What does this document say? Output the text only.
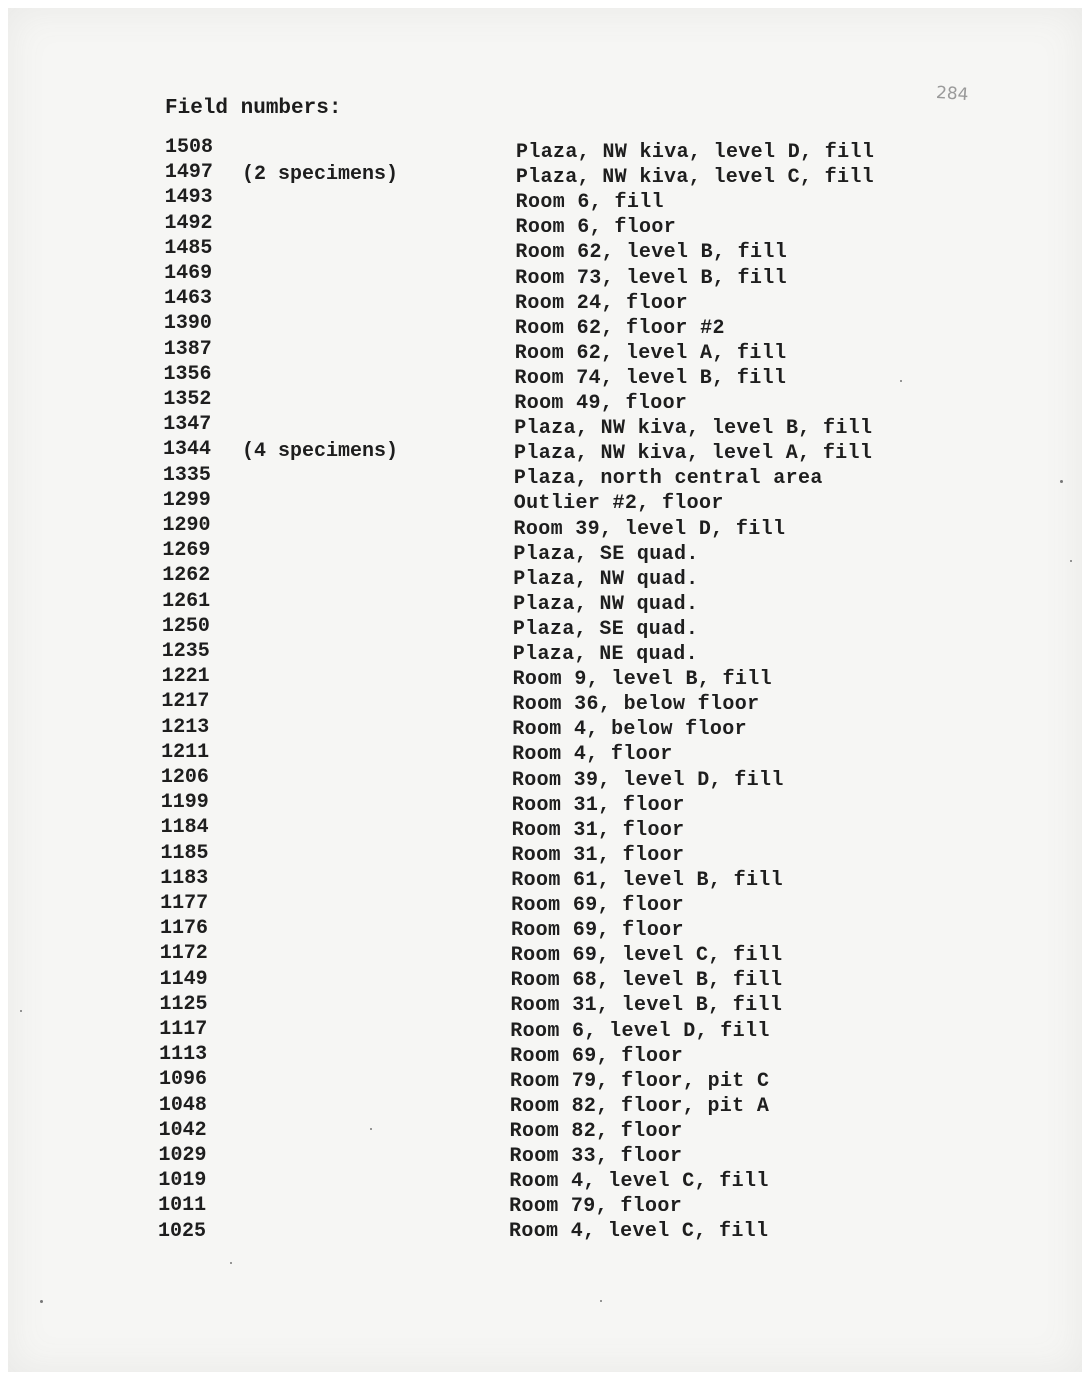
284
Field numbers:
1508	Plaza, NW kiva, level D, fill
1497 (2 specimens)	Plaza, NW kiva, level C, fill
1493	Room 6, fill
1492	Room 6, floor
1485	Room 62, level B, fill
1469	Room 73, level B, fill
1463	Room 24, floor
1390	Room 62, floor #2
1387	Room 62, level A, fill
1356	Room 74, level B, fill
1352	Room 49, floor
1347	Plaza, NW kiva, level B, fill
1344 (4 specimens)	Plaza, NW kiva, level A, fill
1335	Plaza, north central area
1299	Outlier #2, floor
1290	Room 39, level D, fill
1269	Plaza, SE quad.
1262	Plaza, NW quad.
1261	Plaza, NW quad.
1250	Plaza, SE quad.
1235	Plaza, NE quad.
1221	Room 9, level B, fill
1217	Room 36, below floor
1213	Room 4, below floor
1211	Room 4, floor
1206	Room 39, level D, fill
1199	Room 31, floor
1184	Room 31, floor
1185	Room 31, floor
1183	Room 61, level B, fill
1177	Room 69, floor
1176	Room 69, floor
1172	Room 69, level C, fill
1149	Room 68, level B, fill
1125	Room 31, level B, fill
1117	Room 6, level D, fill
1113	Room 69, floor
1096	Room 79, floor, pit C
1048	Room 82, floor, pit A
1042	Room 82, floor
1029	Room 33, floor
1019	Room 4, level C, fill
1011	Room 79, floor
1025	Room 4, level C, fill
